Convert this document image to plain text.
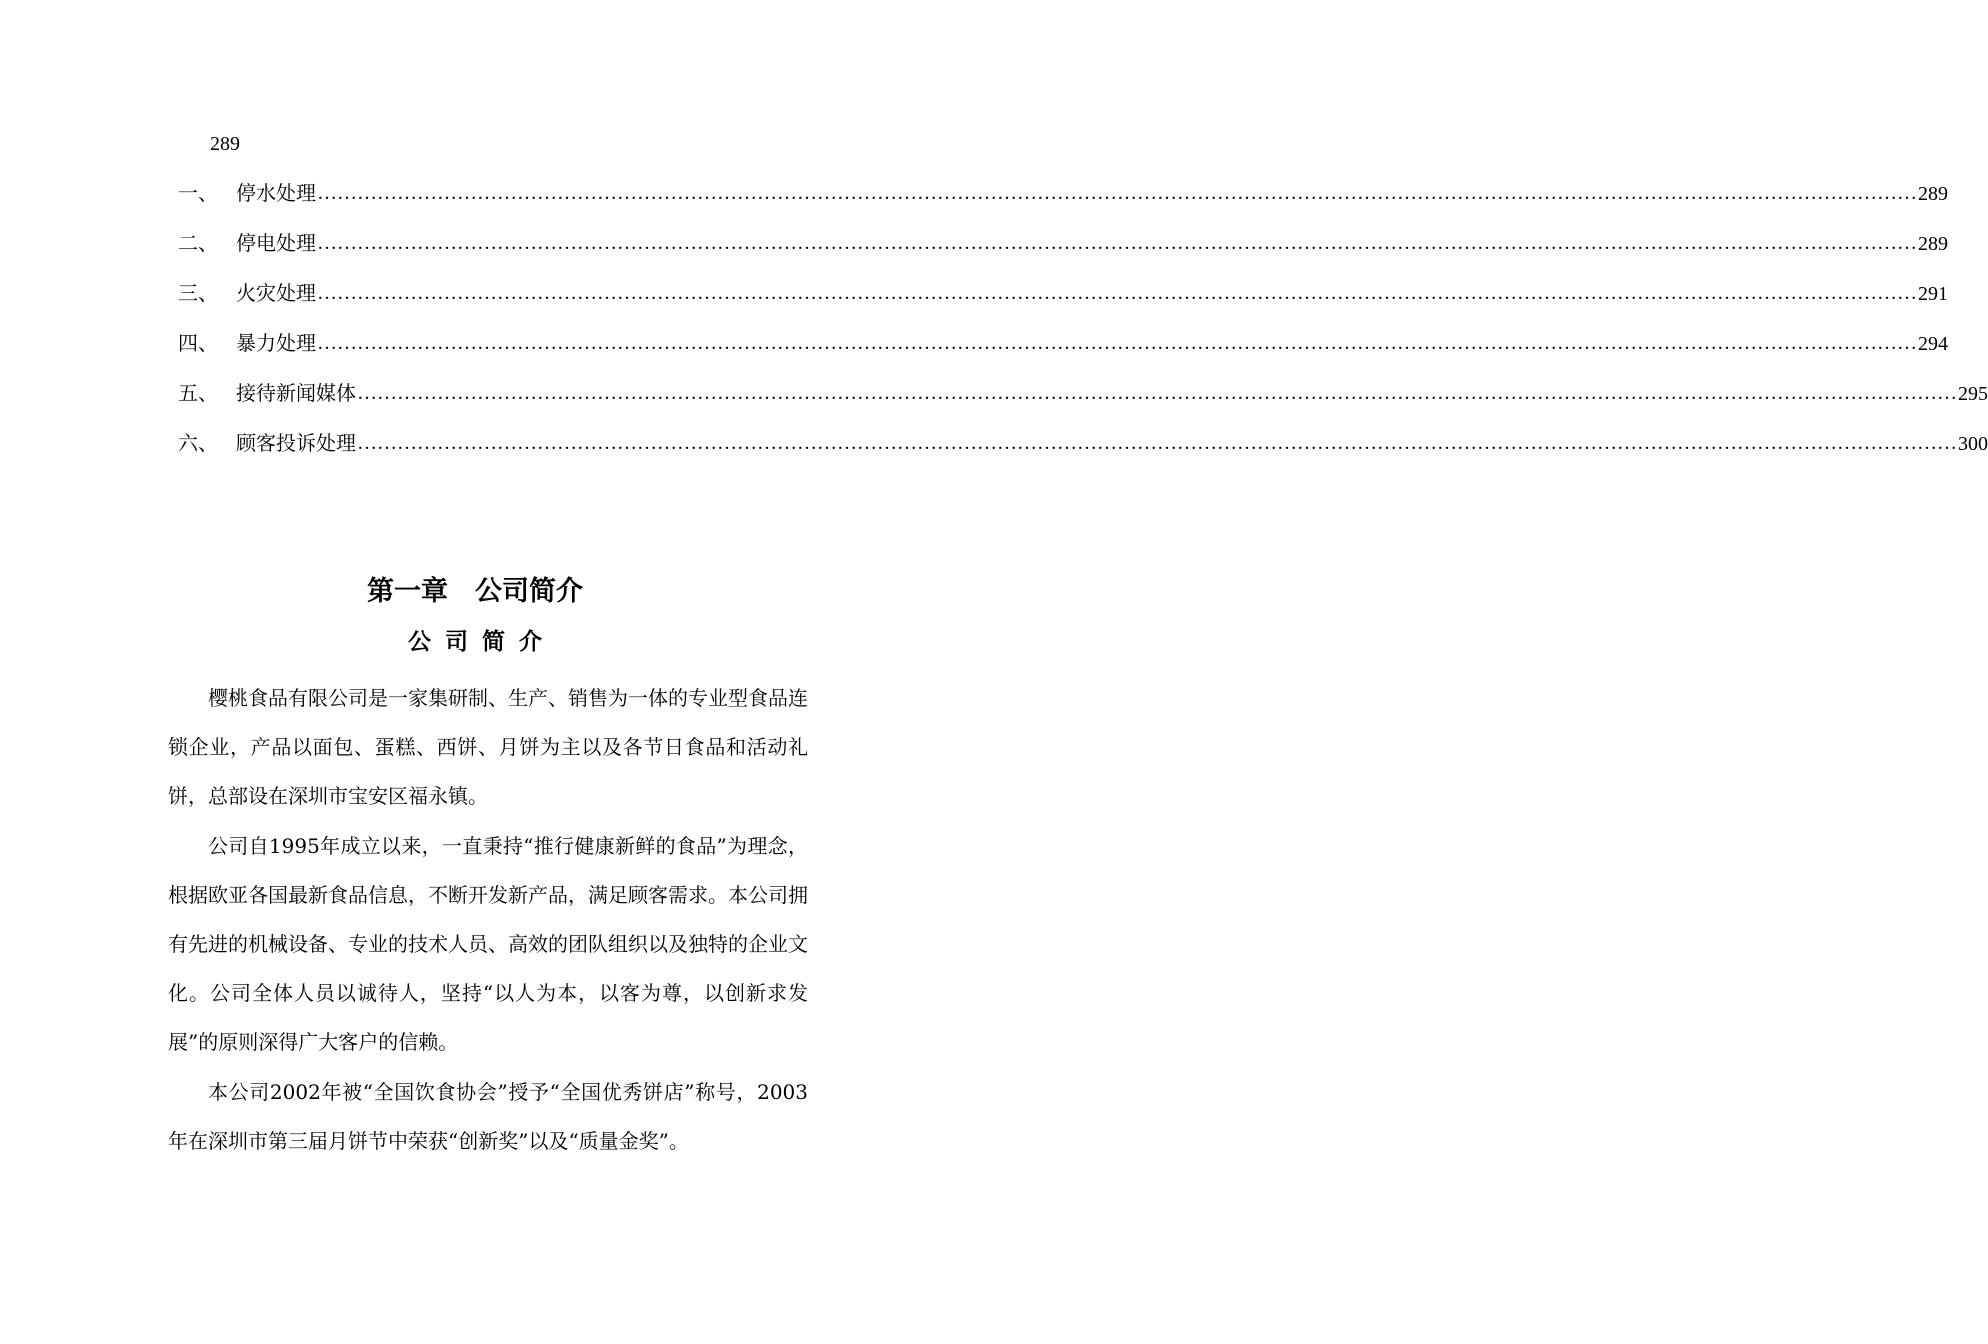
289
一、 停水处理 …………………………………………………………………………………………………………………………………………………………………………………………………………………… 289
二、 停电处理 …………………………………………………………………………………………………………………………………………………………………………………………………………………… 289
三、 火灾处理 …………………………………………………………………………………………………………………………………………………………………………………………………………………… 291
四、 暴力处理 …………………………………………………………………………………………………………………………………………………………………………………………………………………… 294
五、 接待新闻媒体 …………………………………………………………………………………………………………………………………………………………………………………………………………………… 295
六、 顾客投诉处理 …………………………………………………………………………………………………………………………………………………………………………………………………………………… 300
第一章　公司简介
公司简介

樱桃食品有限公司是一家集研制、生产、销售为一体的专业型食品连锁企业，产品以面包、蛋糕、西饼、月饼为主以及各节日食品和活动礼饼，总部设在深圳市宝安区福永镇。

公司自1995年成立以来，一直秉持“推行健康新鲜的食品”为理念，根据欧亚各国最新食品信息，不断开发新产品，满足顾客需求。本公司拥有先进的机械设备、专业的技术人员、高效的团队组织以及独特的企业文化。公司全体人员以诚待人，坚持“以人为本，以客为尊，以创新求发展”的原则深得广大客户的信赖。

本公司2002年被“全国饮食协会”授予“全国优秀饼店”称号，2003年在深圳市第三届月饼节中荣获“创新奖”以及“质量金奖”。
